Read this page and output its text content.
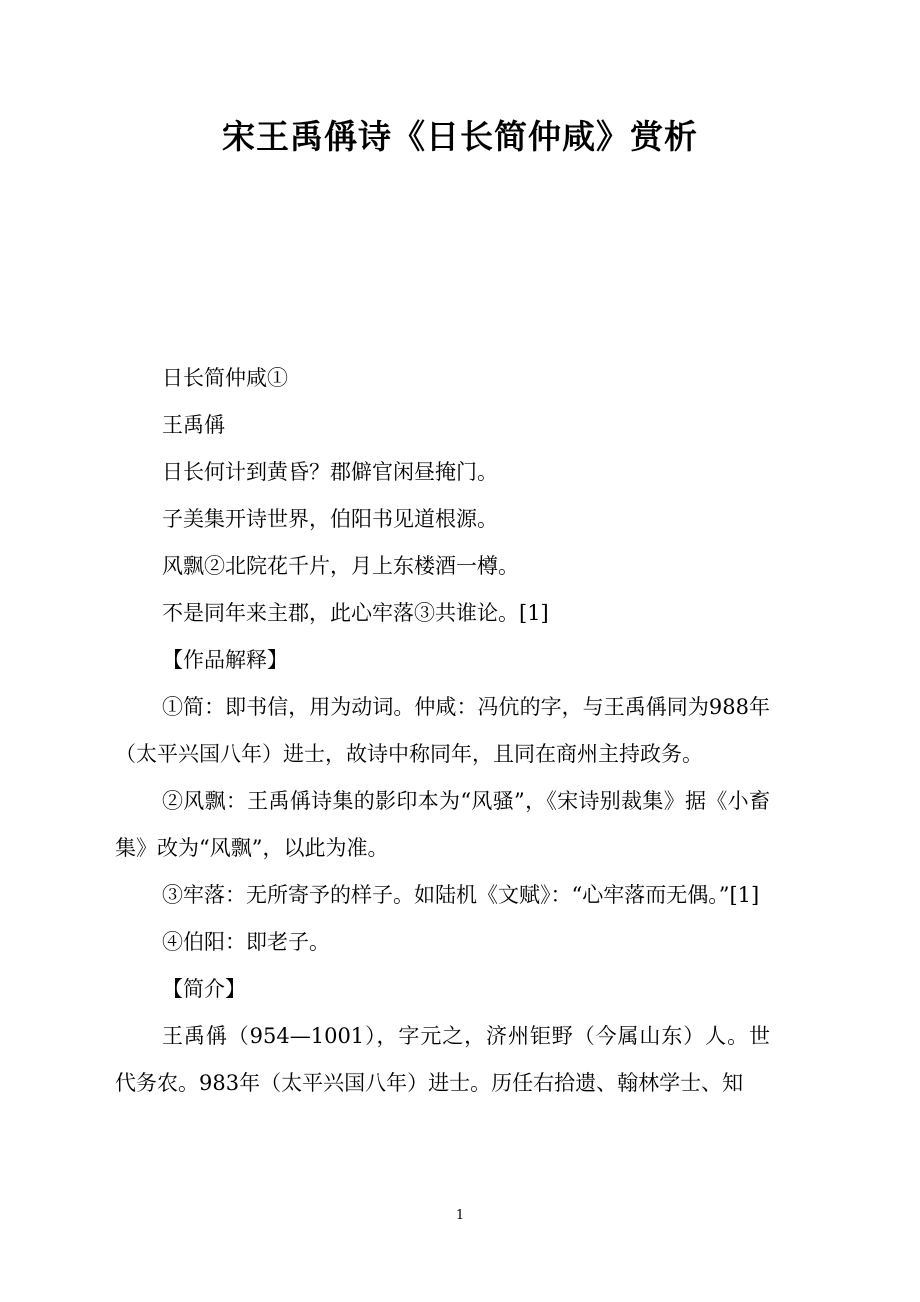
宋王禹偁诗《日长简仲咸》赏析
日长简仲咸①
王禹偁
日长何计到黄昏？郡僻官闲昼掩门。
子美集开诗世界，伯阳书见道根源。
风飘②北院花千片，月上东楼酒一樽。
不是同年来主郡，此心牢落③共谁论。[1]
【作品解释】
①简：即书信，用为动词。仲咸：冯伉的字，与王禹偁同为988年（太平兴国八年）进士，故诗中称同年，且同在商州主持政务。
②风飘：王禹偁诗集的影印本为“风骚”，《宋诗别裁集》据《小畜集》改为“风飘”，以此为准。
③牢落：无所寄予的样子。如陆机《文赋》：“心牢落而无偶。”[1]
④伯阳：即老子。
【简介】
王禹偁（954—1001），字元之，济州钜野（今属山东）人。世代务农。983年（太平兴国八年）进士。历任右拾遗、翰林学士、知
1
